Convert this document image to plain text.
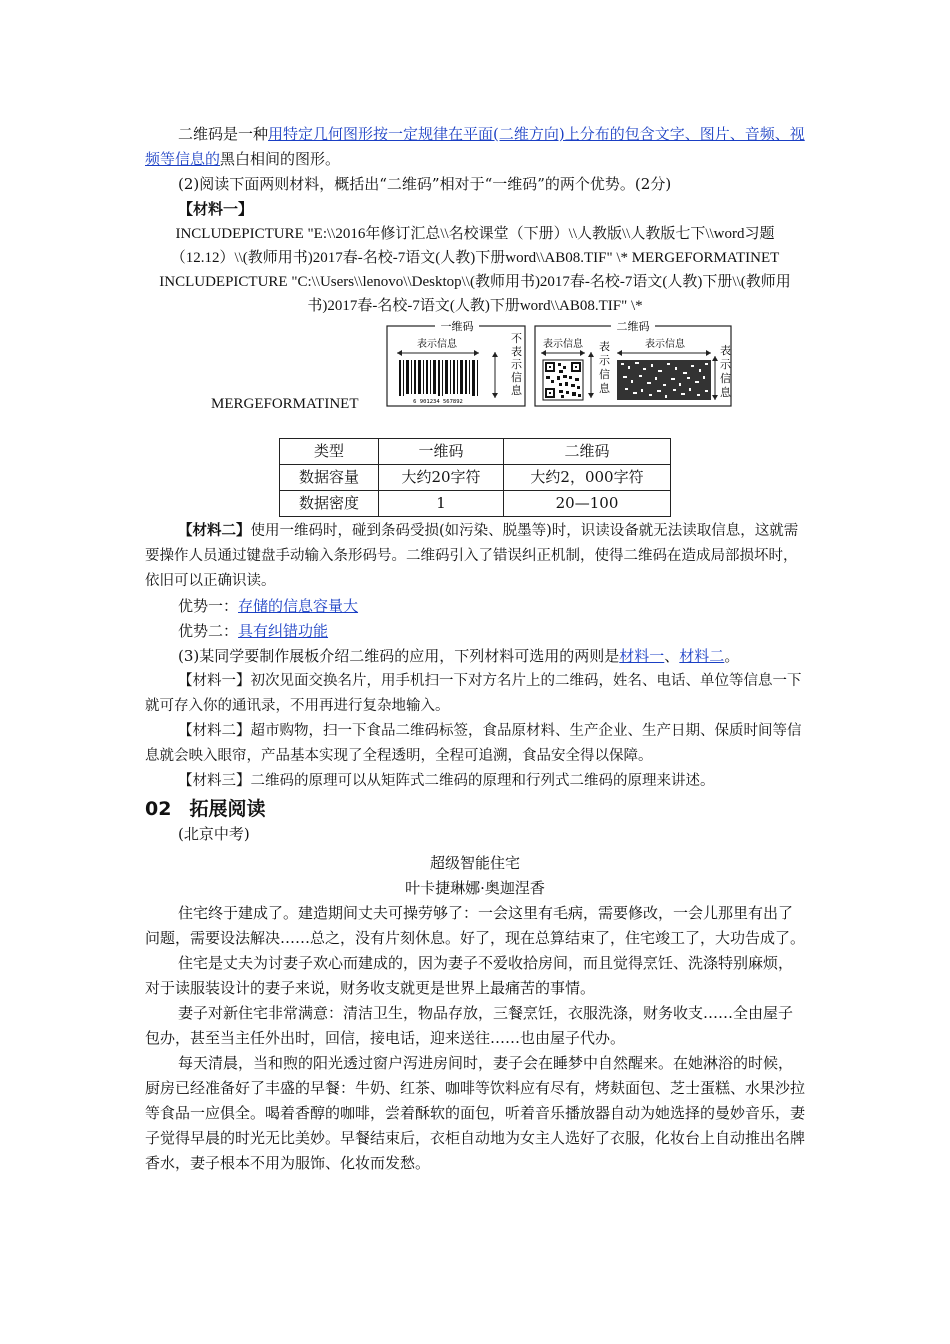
二维码是一种用特定几何图形按一定规律在平面(二维方向)上分布的包含文字、图片、音频、视频等信息的黑白相间的图形。

(2)阅读下面两则材料，概括出“二维码”相对于“一维码”的两个优势。(2分)

【材料一】

INCLUDEPICTURE "E:\\2016年修订汇总\\名校课堂（下册）\\人教版\\人教版七下\\word习题（12.12）\\(教师用书)2017春-名校-7语文(人教)下册word\\AB08.TIF" \* MERGEFORMATINET INCLUDEPICTURE "C:\\Users\\lenovo\\Desktop\\(教师用书)2017春-名校-7语文(人教)下册\\(教师用书)2017春-名校-7语文(人教)下册word\\AB08.TIF" \*

MERGEFORMATINET
一维码	二维码
表示信息
6 901234 567892
不表示信息
表示信息 表示信息
表示信息	表示信息
类型	一维码	二维码
数据容量	大约20字符	大约2，000字符
数据密度	1	20—100

【材料二】使用一维码时，碰到条码受损(如污染、脱墨等)时，识读设备就无法读取信息，这就需要操作人员通过键盘手动输入条形码号。二维码引入了错误纠正机制，使得二维码在造成局部损坏时，依旧可以正确识读。

优势一：存储的信息容量大

优势二：具有纠错功能

(3)某同学要制作展板介绍二维码的应用，下列材料可选用的两则是材料一、材料二。

【材料一】初次见面交换名片，用手机扫一下对方名片上的二维码，姓名、电话、单位等信息一下就可存入你的通讯录，不用再进行复杂地输入。

【材料二】超市购物，扫一下食品二维码标签，食品原材料、生产企业、生产日期、保质时间等信息就会映入眼帘，产品基本实现了全程透明，全程可追溯，食品安全得以保障。

【材料三】二维码的原理可以从矩阵式二维码的原理和行列式二维码的原理来讲述。

02 拓展阅读

(北京中考)

超级智能住宅

叶卡捷琳娜·奥迦涅香

住宅终于建成了。建造期间丈夫可操劳够了：一会这里有毛病，需要修改，一会儿那里有出了问题，需要设法解决……总之，没有片刻休息。好了，现在总算结束了，住宅竣工了，大功告成了。

住宅是丈夫为讨妻子欢心而建成的，因为妻子不爱收拾房间，而且觉得烹饪、洗涤特别麻烦，对于读服装设计的妻子来说，财务收支就更是世界上最痛苦的事情。

妻子对新住宅非常满意：清洁卫生，物品存放，三餐烹饪，衣服洗涤，财务收支……全由屋子包办，甚至当主任外出时，回信，接电话，迎来送往……也由屋子代办。

每天清晨，当和煦的阳光透过窗户泻进房间时，妻子会在睡梦中自然醒来。在她淋浴的时候，厨房已经准备好了丰盛的早餐：牛奶、红茶、咖啡等饮料应有尽有，烤麸面包、芝士蛋糕、水果沙拉等食品一应俱全。喝着香醇的咖啡，尝着酥软的面包，听着音乐播放器自动为她选择的曼妙音乐，妻子觉得早晨的时光无比美妙。早餐结束后，衣柜自动地为女主人选好了衣服，化妆台上自动推出名牌香水，妻子根本不用为服饰、化妆而发愁。
